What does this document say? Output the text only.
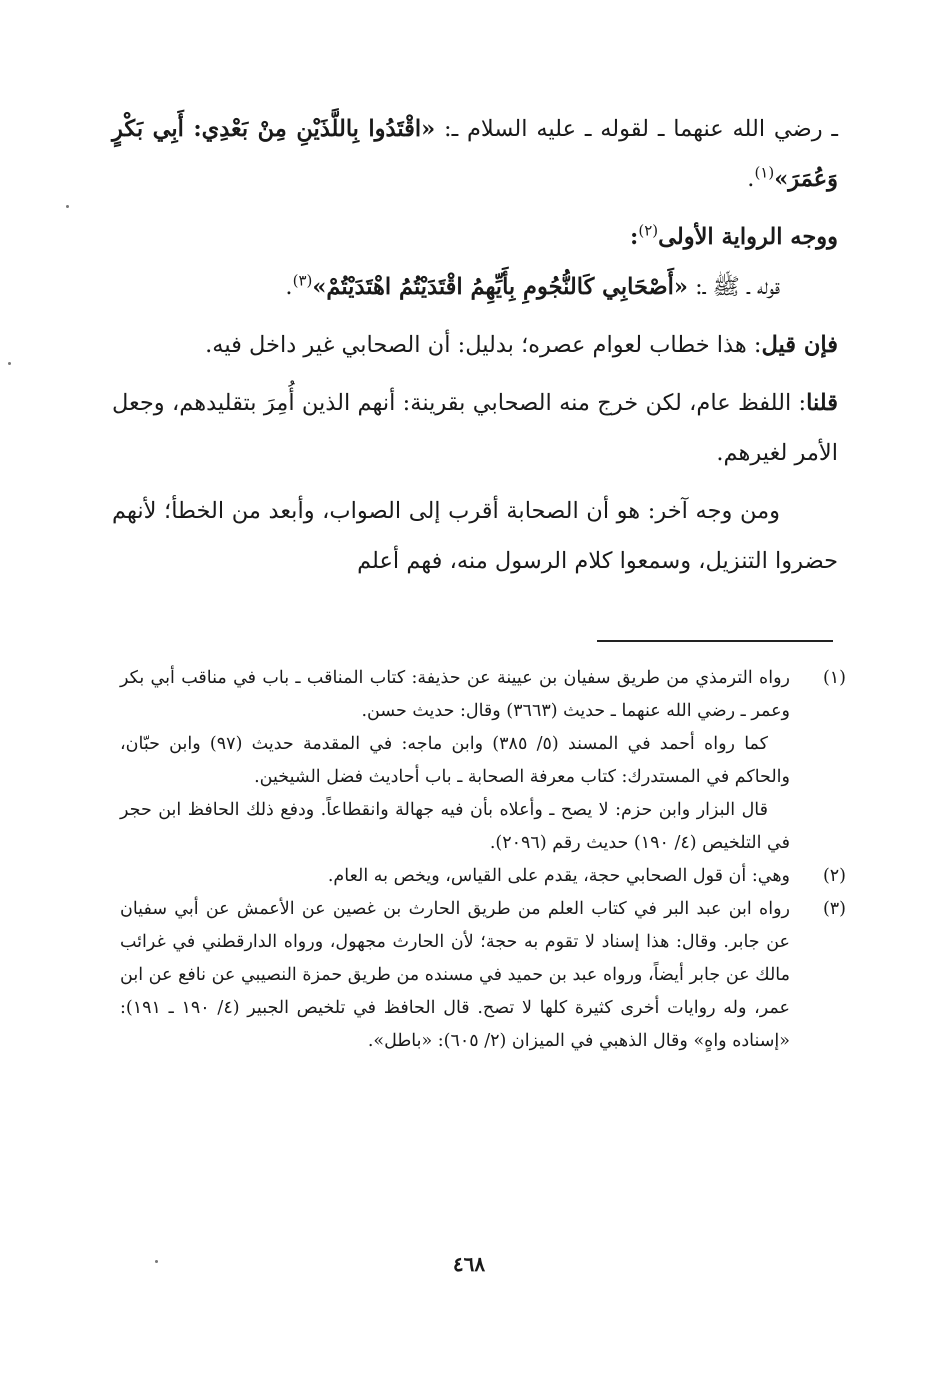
ـ رضي الله عنهما ـ لقوله ـ عليه السلام ـ: «اقْتَدُوا بِاللَّذَيْنِ مِنْ بَعْدِي: أَبِي بَكْرٍ وَعُمَرَ»$^{(١)}$.

ووجه الرواية الأولى$^{(٢)}$:

قوله ـ ﷺ ـ: «أَصْحَابِي كَالنُّجُومِ بِأَيِّهِمُ اقْتَدَيْتُمُ اهْتَدَيْتُمْ»$^{(٣)}$.

فإن قيل: هذا خطاب لعوام عصره؛ بدليل: أن الصحابي غير داخل فيه.

قلنا: اللفظ عام، لكن خرج منه الصحابي بقرينة: أنهم الذين أُمِرَ بتقليدهم، وجعل الأمر لغيرهم.

ومن وجه آخر: هو أن الصحابة أقرب إلى الصواب، وأبعد من الخطأ؛ لأنهم حضروا التنزيل، وسمعوا كلام الرسول منه، فهم أعلم

(١)

رواه الترمذي من طريق سفيان بن عيينة عن حذيفة: كتاب المناقب ـ باب في مناقب أبي بكر وعمر ـ رضي الله عنهما ـ حديث (٣٦٦٣) وقال: حديث حسن.

كما رواه أحمد في المسند (٥/ ٣٨٥) وابن ماجه: في المقدمة حديث (٩٧) وابن حبّان، والحاكم في المستدرك: كتاب معرفة الصحابة ـ باب أحاديث فضل الشيخين.

قال البزار وابن حزم: لا يصح ـ وأعلاه بأن فيه جهالة وانقطاعاً. ودفع ذلك الحافظ ابن حجر في التلخيص (٤/ ١٩٠) حديث رقم (٢٠٩٦).

(٢)

وهي: أن قول الصحابي حجة، يقدم على القياس، ويخص به العام.

(٣)

رواه ابن عبد البر في كتاب العلم من طريق الحارث بن غصين عن الأعمش عن أبي سفيان عن جابر. وقال: هذا إسناد لا تقوم به حجة؛ لأن الحارث مجهول، ورواه الدارقطني في غرائب مالك عن جابر أيضاً، ورواه عبد بن حميد في مسنده من طريق حمزة النصيبي عن نافع عن ابن عمر، وله روايات أخرى كثيرة كلها لا تصح. قال الحافظ في تلخيص الجبير (٤/ ١٩٠ ـ ١٩١): «إسناده واهٍ» وقال الذهبي في الميزان (٢/ ٦٠٥): «باطل».

٤٦٨
